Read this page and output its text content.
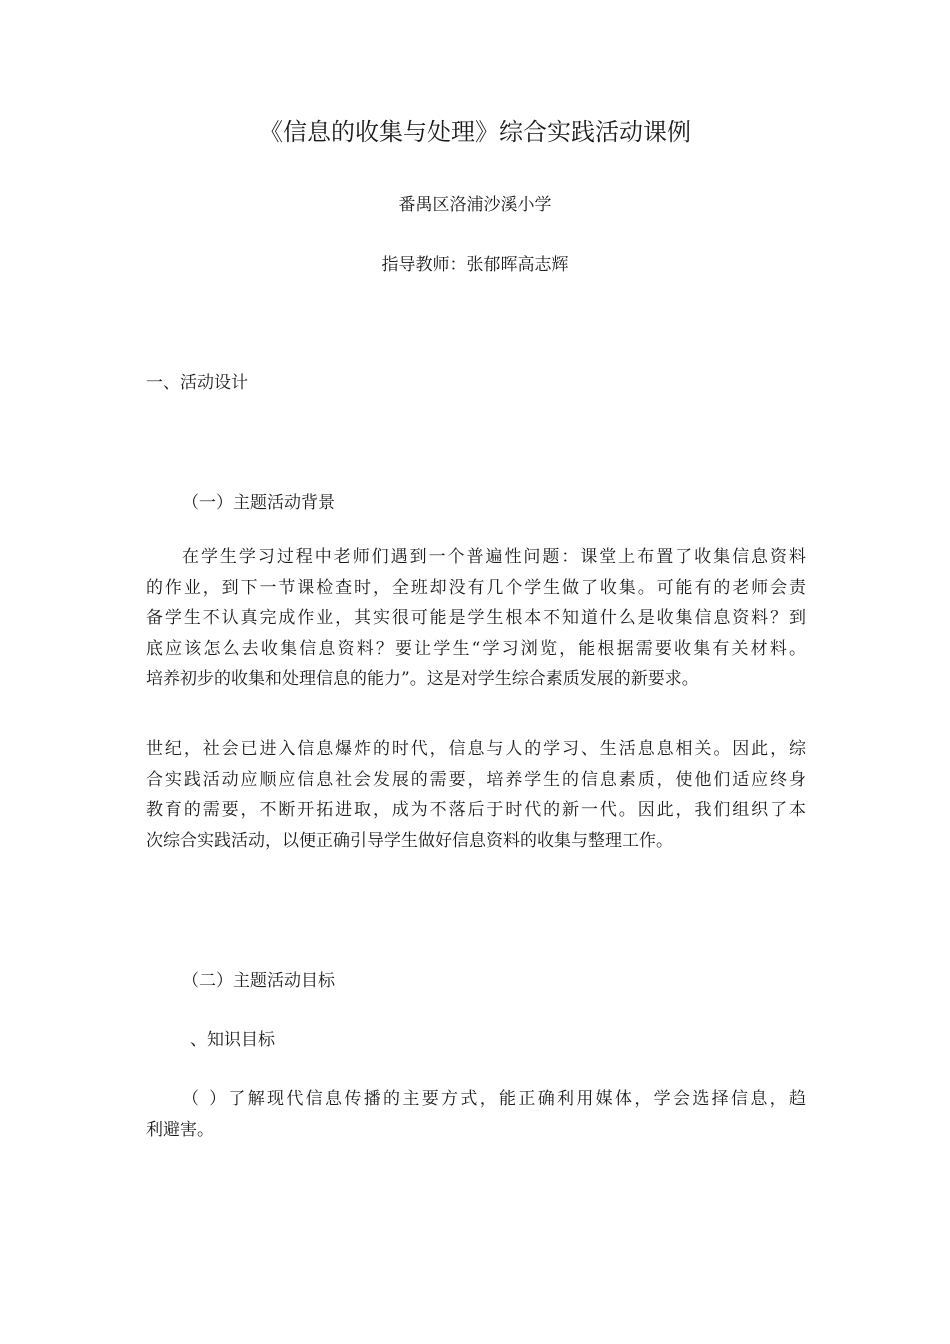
《信息的收集与处理》综合实践活动课例
番禺区洛浦沙溪小学
指导教师：张郁晖高志辉
一、活动设计
（一）主题活动背景
在学生学习过程中老师们遇到一个普遍性问题：课堂上布置了收集信息资料
的作业，到下一节课检查时，全班却没有几个学生做了收集。可能有的老师会责
备学生不认真完成作业，其实很可能是学生根本不知道什么是收集信息资料？到
底应该怎么去收集信息资料？要让学生“学习浏览，能根据需要收集有关材料。
培养初步的收集和处理信息的能力”。这是对学生综合素质发展的新要求。
世纪，社会已进入信息爆炸的时代，信息与人的学习、生活息息相关。因此，综
合实践活动应顺应信息社会发展的需要，培养学生的信息素质，使他们适应终身
教育的需要，不断开拓进取，成为不落后于时代的新一代。因此，我们组织了本
次综合实践活动，以便正确引导学生做好信息资料的收集与整理工作。
（二）主题活动目标
、知识目标
（ ）了解现代信息传播的主要方式，能正确利用媒体，学会选择信息，趋
利避害。
